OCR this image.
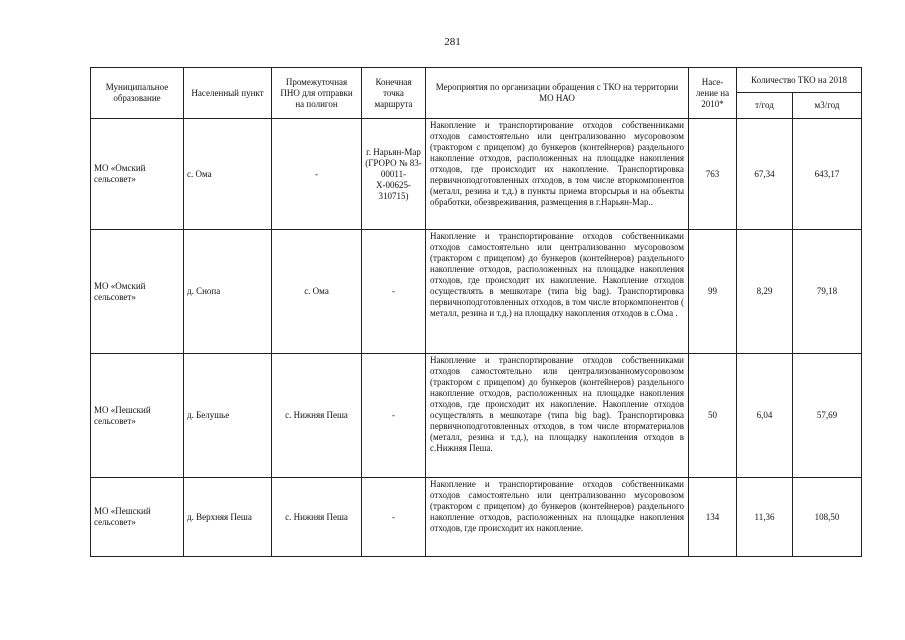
281
Муниципальное образование	Населенный пункт	Промежуточная ПНО для отправки на полигон	Конечная точка маршрута	Мероприятия по организации обращения с ТКО на территории МО НАО	Насе-ление на 2010*	Количество ТКО на 2018	
						т/год	м3/год
МО «Омский сельсовет»	с. Ома	-	г. Нарьян-Мар (ГРОРО № 83-00011-Х-00625-310715)	Накопление и транспортирование отходов собственниками отходов самостоятельно или централизованно мусоровозом (трактором с прицепом) до бункеров (контейнеров) раздельного накопление отходов, расположенных на площадке накопления отходов, где происходит их накопление. Транспортировка первичноподготовленных отходов, в том числе вторкомпонентов (металл, резина и т.д.) в пункты приема вторсырья и на объекты обработки, обезвреживания, размещения в г.Нарьян-Мар..	763	67,34	643,17
МО «Омский сельсовет»	д. Снопа	с. Ома	-	Накопление и транспортирование отходов собственниками отходов самостоятельно или централизованно мусоровозом (трактором с прицепом) до бункеров (контейнеров) раздельного накопление отходов, расположенных на площадке накопления отходов, где происходит их накопление. Накопление отходов осуществлять в мешкотаре (типа big bag). Транспортировка первичноподготовленных отходов, в том числе вторкомпонентов ( металл, резина и т.д.) на площадку накопления отходов в с.Ома .	99	8,29	79,18
МО «Пешский сельсовет»	д. Белушье	с. Нижняя Пеша	-	Накопление и транспортирование отходов собственниками отходов самостоятельно или централизованномусоровозом (трактором с прицепом) до бункеров (контейнеров) раздельного накопление отходов, расположенных на площадке накопления отходов, где происходит их накопление. Накопление отходов осуществлять в мешкотаре (типа big bag). Транспортировка первичноподготовленных отходов, в том числе вторматериалов (металл, резина и т.д.), на площадку накопления отходов в с.Нижняя Пеша.	50	6,04	57,69
МО «Пешский сельсовет»	д. Верхняя Пеша	с. Нижняя Пеша	-	Накопление и транспортирование отходов собственниками отходов самостоятельно или централизованно мусоровозом (трактором с прицепом) до бункеров (контейнеров) раздельного накопление отходов, расположенных на площадке накопления отходов, где происходит их накопление.	134	11,36	108,50
